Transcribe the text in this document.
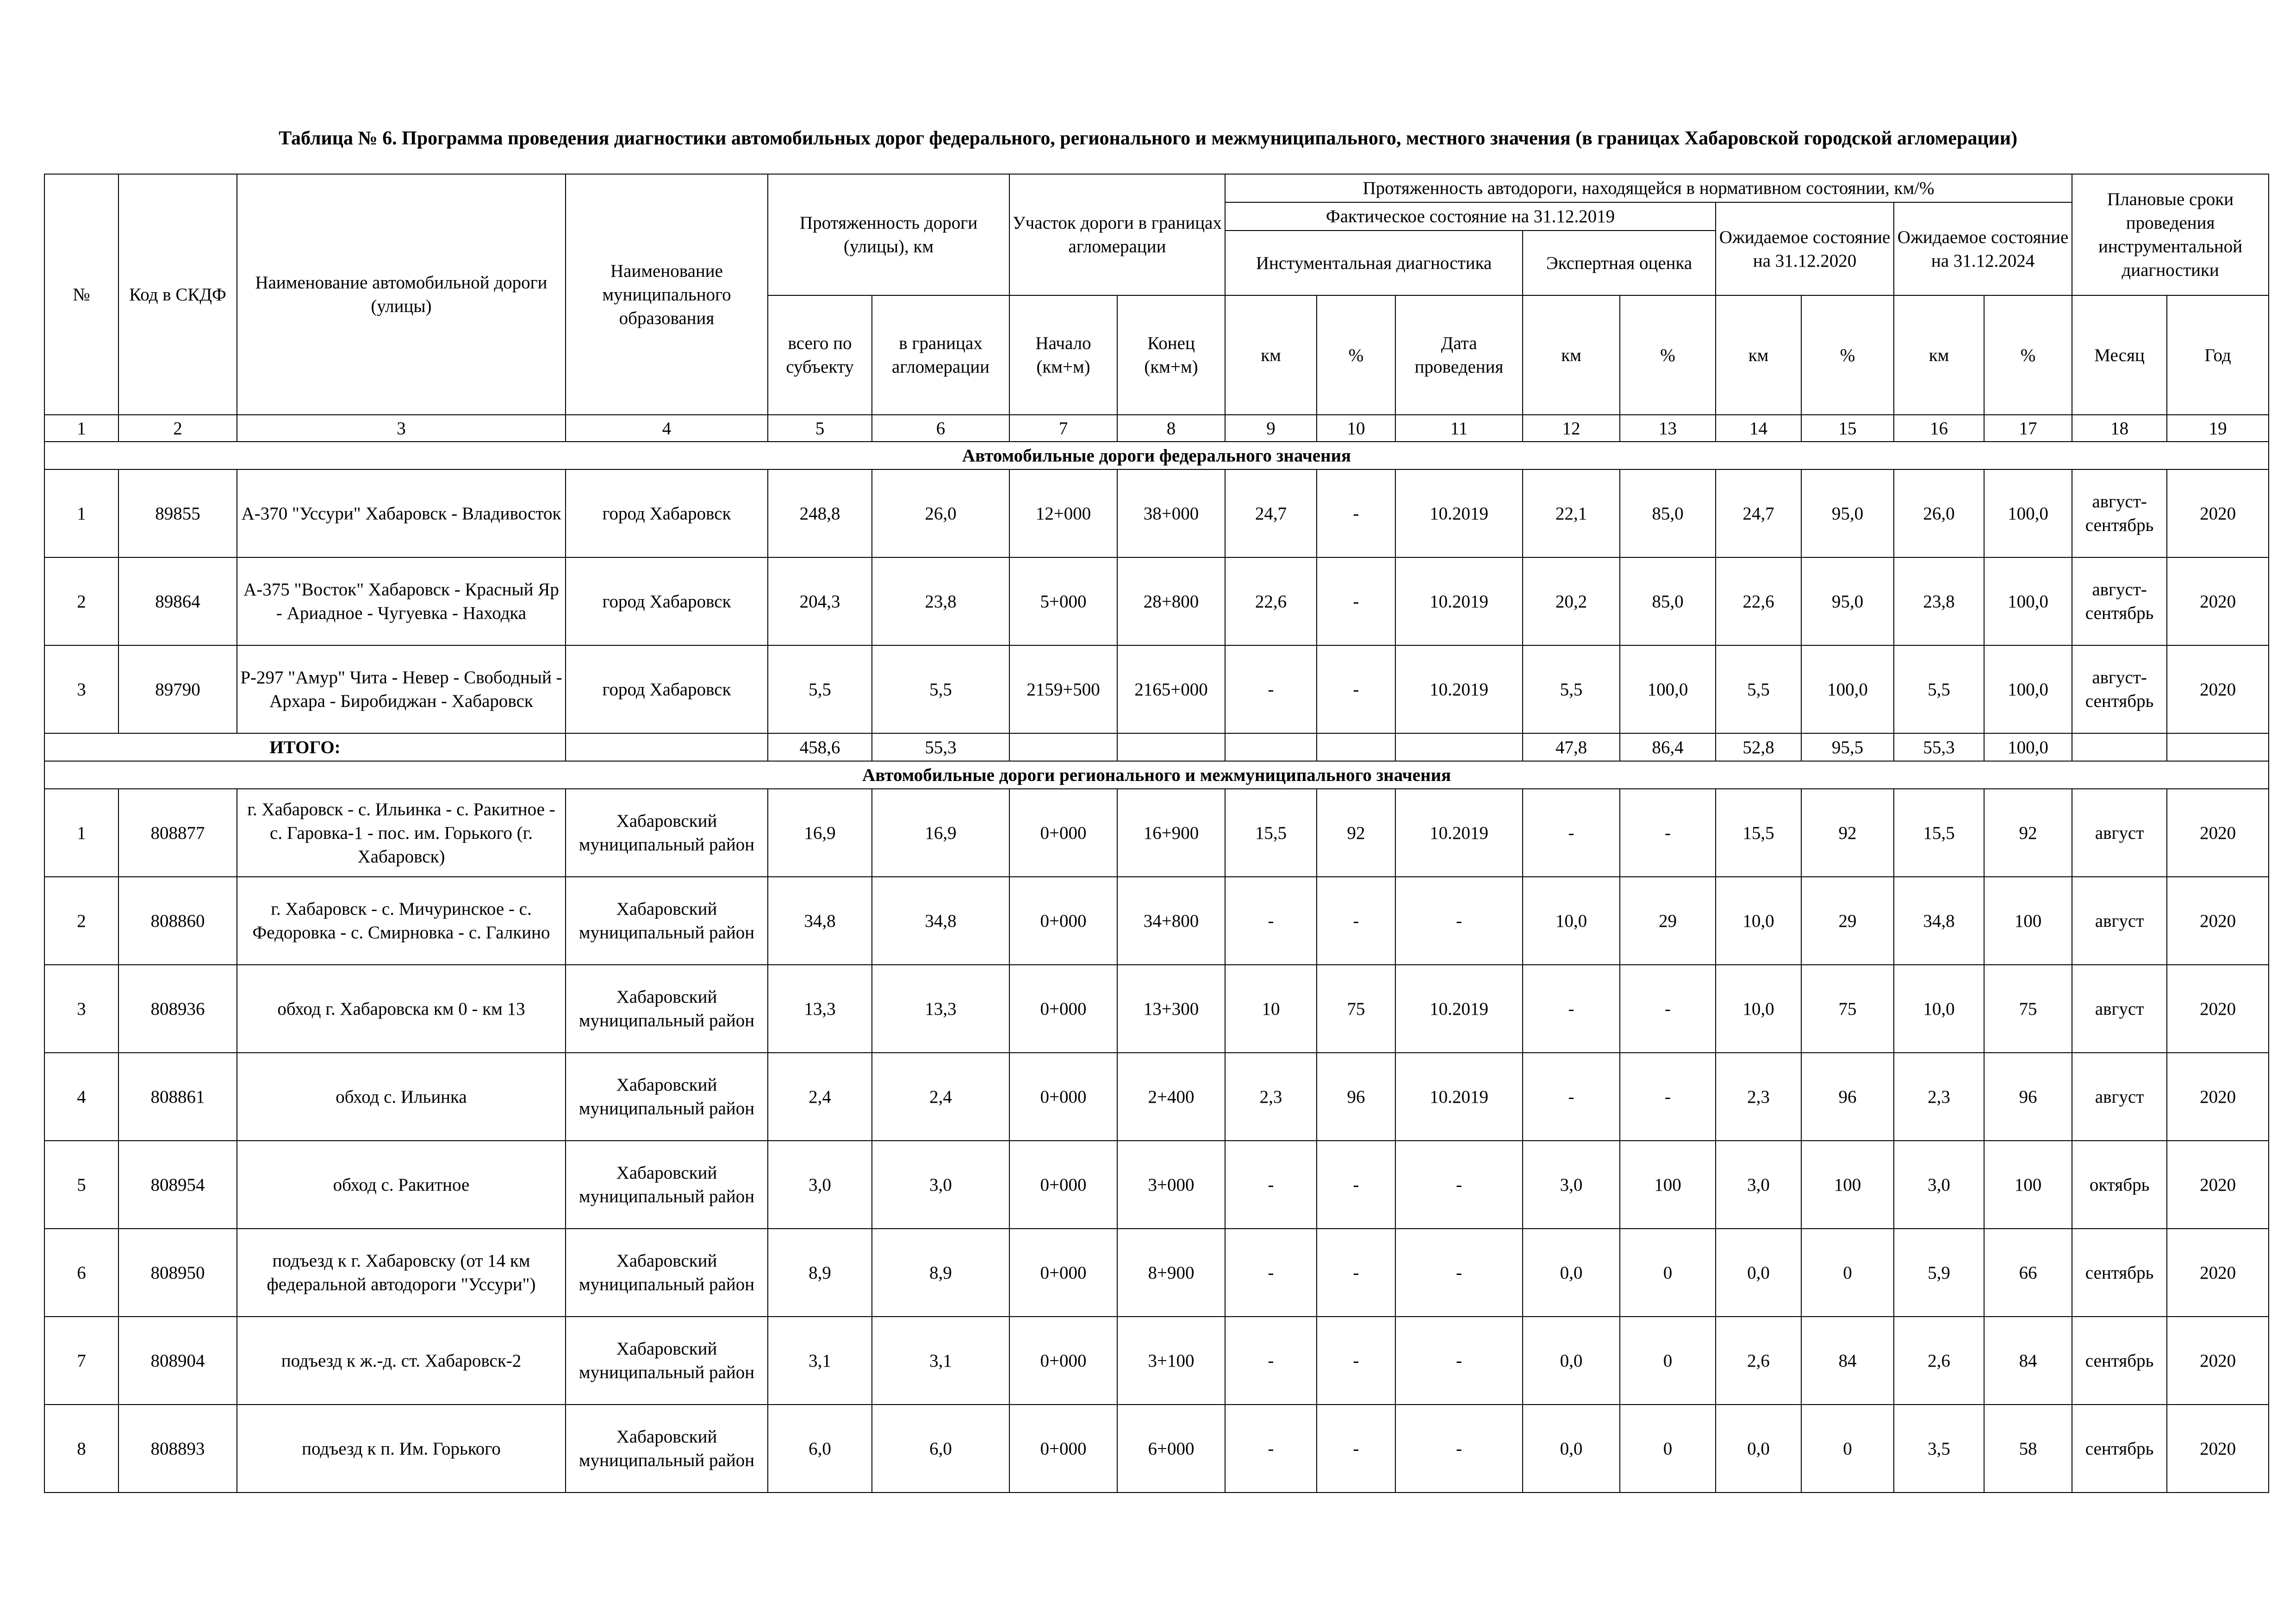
Таблица № 6. Программа проведения диагностики автомобильных дорог федерального, регионального и межмуниципального, местного значения (в границах Хабаровской городской агломерации)
№	Код в СКДФ	Наименование автомобильной дороги (улицы)	Наименование муниципального образования	Протяженность дороги (улицы), км		Участок дороги в границах агломерации		Протяженность автодороги, находящейся в нормативном состоянии, км/%									Плановые сроки проведения инструментальной диагностики	
								Фактическое состояние на 31.12.2019					Ожидаемое состояние на 31.12.2020		Ожидаемое состояние на 31.12.2024			
								Инстументальная диагностика			Экспертная оценка							
				всего по субъекту	в границах агломерации	Начало (км+м)	Конец (км+м)	км	%	Дата проведения	км	%	км	%	км	%	Месяц	Год
1	2	3	4	5	6	7	8	9	10	11	12	13	14	15	16	17	18	19
Автомобильные дороги федерального значения																		
1	89855	А-370 "Уссури" Хабаровск - Владивосток	город Хабаровск	248,8	26,0	12+000	38+000	24,7	-	10.2019	22,1	85,0	24,7	95,0	26,0	100,0	август-сентябрь	2020
2	89864	А-375 "Восток" Хабаровск - Красный Яр - Ариадное - Чугуевка - Находка	город Хабаровск	204,3	23,8	5+000	28+800	22,6	-	10.2019	20,2	85,0	22,6	95,0	23,8	100,0	август-сентябрь	2020
3	89790	Р-297 "Амур" Чита - Невер - Свободный - Архара - Биробиджан - Хабаровск	город Хабаровск	5,5	5,5	2159+500	2165+000	-	-	10.2019	5,5	100,0	5,5	100,0	5,5	100,0	август-сентябрь	2020
ИТОГО:				458,6	55,3						47,8	86,4	52,8	95,5	55,3	100,0		
Автомобильные дороги регионального и межмуниципального значения																		
1	808877	г. Хабаровск - с. Ильинка - с. Ракитное - с. Гаровка-1 - пос. им. Горького (г. Хабаровск)	Хабаровский муниципальный район	16,9	16,9	0+000	16+900	15,5	92	10.2019	-	-	15,5	92	15,5	92	август	2020
2	808860	г. Хабаровск - с. Мичуринское - с. Федоровка - с. Смирновка - с. Галкино	Хабаровский муниципальный район	34,8	34,8	0+000	34+800	-	-	-	10,0	29	10,0	29	34,8	100	август	2020
3	808936	обход г. Хабаровска км 0 - км 13	Хабаровский муниципальный район	13,3	13,3	0+000	13+300	10	75	10.2019	-	-	10,0	75	10,0	75	август	2020
4	808861	обход с. Ильинка	Хабаровский муниципальный район	2,4	2,4	0+000	2+400	2,3	96	10.2019	-	-	2,3	96	2,3	96	август	2020
5	808954	обход с. Ракитное	Хабаровский муниципальный район	3,0	3,0	0+000	3+000	-	-	-	3,0	100	3,0	100	3,0	100	октябрь	2020
6	808950	подъезд к г. Хабаровску (от 14 км федеральной автодороги "Уссури")	Хабаровский муниципальный район	8,9	8,9	0+000	8+900	-	-	-	0,0	0	0,0	0	5,9	66	сентябрь	2020
7	808904	подъезд к ж.-д. ст. Хабаровск-2	Хабаровский муниципальный район	3,1	3,1	0+000	3+100	-	-	-	0,0	0	2,6	84	2,6	84	сентябрь	2020
8	808893	подъезд к п. Им. Горького	Хабаровский муниципальный район	6,0	6,0	0+000	6+000	-	-	-	0,0	0	0,0	0	3,5	58	сентябрь	2020
